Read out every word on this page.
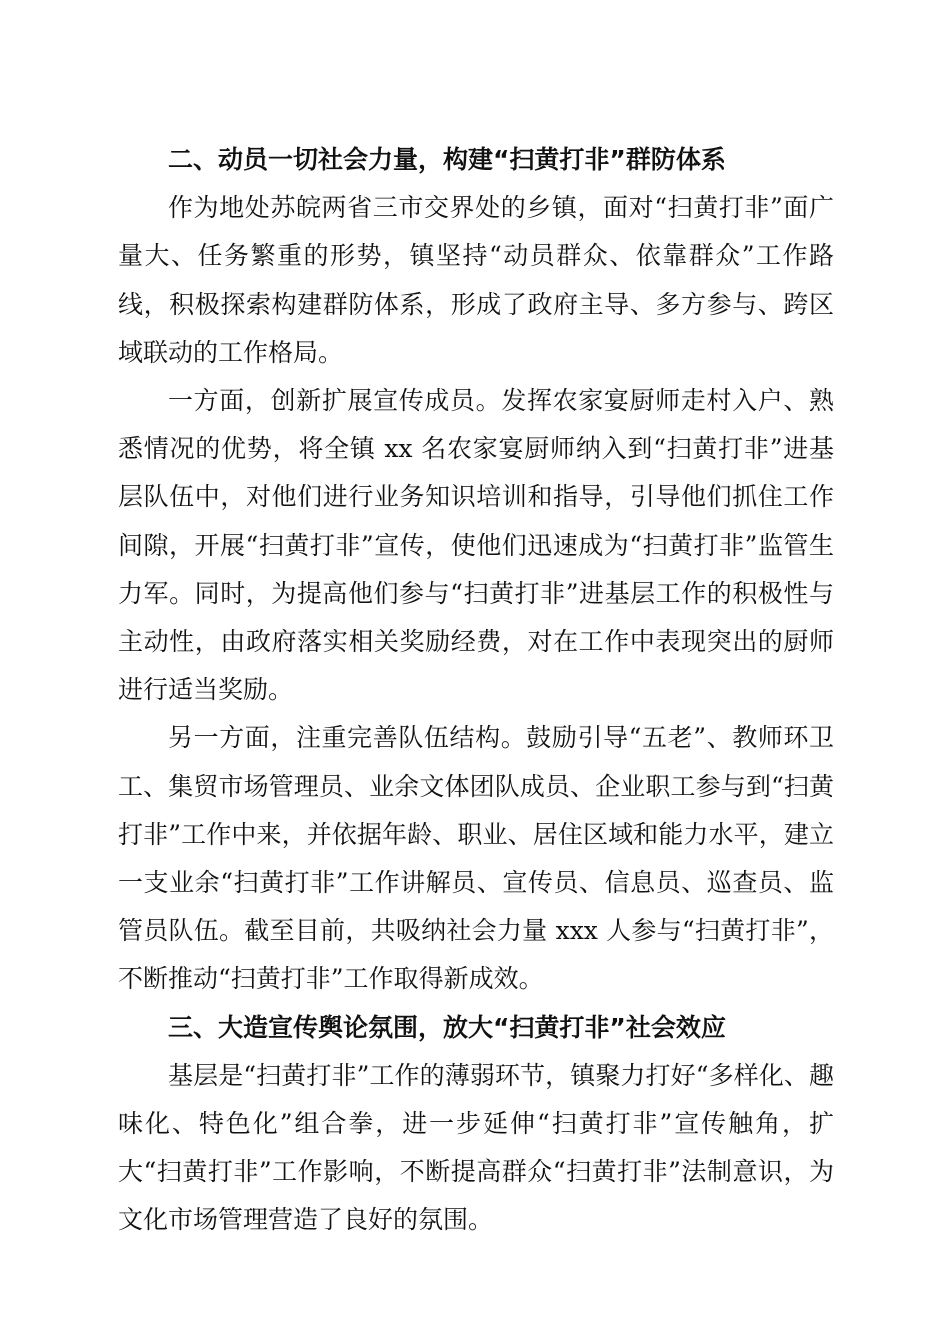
二、动员一切社会力量，构建“扫黄打非”群防体系

作为地处苏皖两省三市交界处的乡镇，面对“扫黄打非”面广量大、任务繁重的形势，镇坚持“动员群众、依靠群众”工作路线，积极探索构建群防体系，形成了政府主导、多方参与、跨区域联动的工作格局。

一方面，创新扩展宣传成员。发挥农家宴厨师走村入户、熟悉情况的优势，将全镇 xx 名农家宴厨师纳入到“扫黄打非”进基层队伍中，对他们进行业务知识培训和指导，引导他们抓住工作间隙，开展“扫黄打非”宣传，使他们迅速成为“扫黄打非”监管生力军。同时，为提高他们参与“扫黄打非”进基层工作的积极性与主动性，由政府落实相关奖励经费，对在工作中表现突出的厨师进行适当奖励。

另一方面，注重完善队伍结构。鼓励引导“五老”、教师环卫工、集贸市场管理员、业余文体团队成员、企业职工参与到“扫黄打非”工作中来，并依据年龄、职业、居住区域和能力水平，建立一支业余“扫黄打非”工作讲解员、宣传员、信息员、巡查员、监管员队伍。截至目前，共吸纳社会力量 xxx 人参与“扫黄打非”，不断推动“扫黄打非”工作取得新成效。

三、大造宣传舆论氛围，放大“扫黄打非”社会效应

基层是“扫黄打非”工作的薄弱环节，镇聚力打好“多样化、趣味化、特色化”组合拳，进一步延伸“扫黄打非”宣传触角，扩大“扫黄打非”工作影响，不断提高群众“扫黄打非”法制意识，为文化市场管理营造了良好的氛围。
